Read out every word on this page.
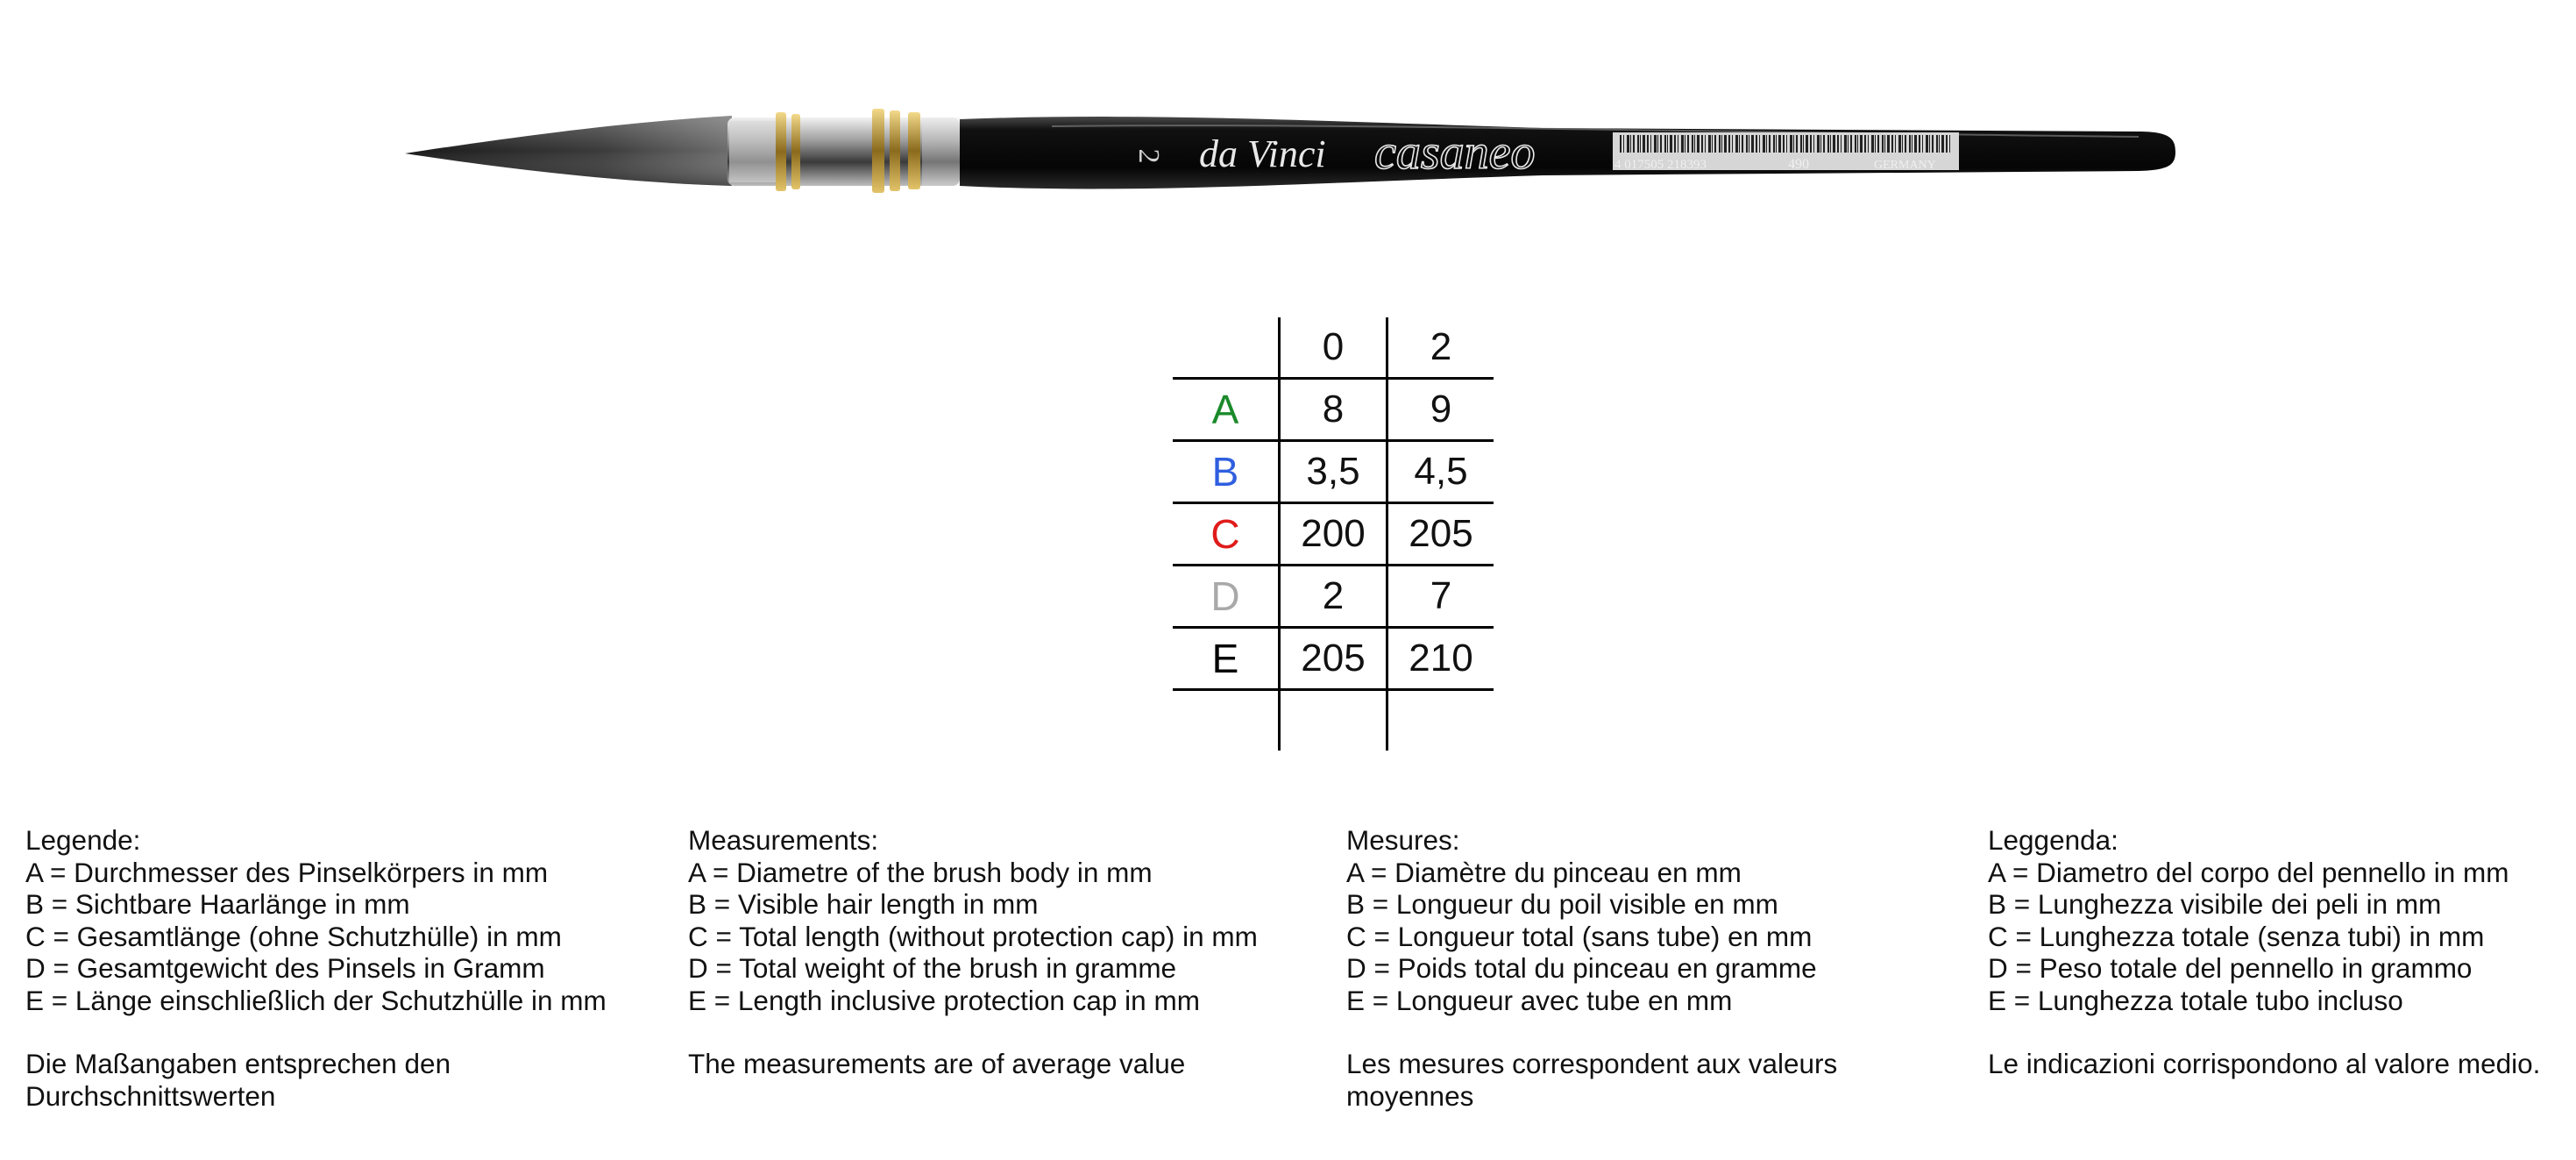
2 da Vinci casaneo	4 017505 218393	490	GERMANY
	0	2
A	8	9
B	3,5	4,5
C	200	205
D	2	7
E	205	210

Legende:
A = Durchmesser des Pinselkörpers in mm
B = Sichtbare Haarlänge in mm
C = Gesamtlänge (ohne Schutzhülle) in mm
D = Gesamtgewicht des Pinsels in Gramm
E = Länge einschließlich der Schutzhülle in mm
Die Maßangaben entsprechen den Durchschnittswerten
Measurements:
A = Diametre of the brush body in mm
B = Visible hair length in mm
C = Total length (without protection cap) in mm
D = Total weight of the brush in gramme
E = Length inclusive protection cap in mm
The measurements are of average value
Mesures:
A = Diamètre du pinceau en mm
B = Longueur du poil visible en mm
C = Longueur total (sans tube) en mm
D = Poids total du pinceau en gramme
E = Longueur avec tube en mm
Les mesures correspondent aux valeurs moyennes
Leggenda:
A = Diametro del corpo del pennello in mm
B = Lunghezza visibile dei peli in mm
C = Lunghezza totale (senza tubi) in mm
D = Peso totale del pennello in grammo
E = Lunghezza totale tubo incluso
Le indicazioni corrispondono al valore medio.
